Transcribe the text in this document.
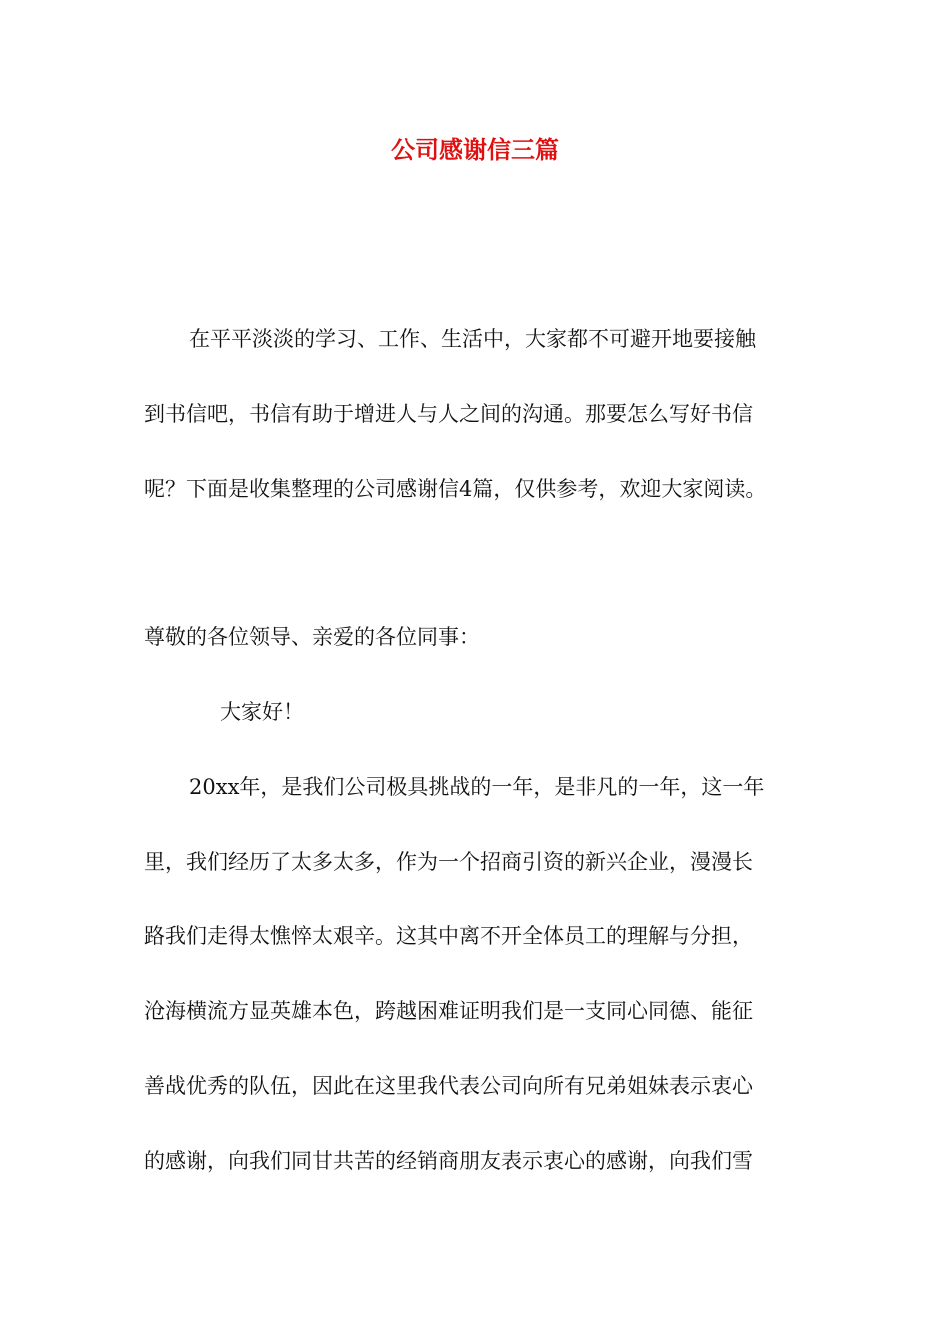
公司感谢信三篇

在平平淡淡的学习、工作、生活中，大家都不可避开地要接触

到书信吧，书信有助于增进人与人之间的沟通。那要怎么写好书信

呢？下面是收集整理的公司感谢信4篇，仅供参考，欢迎大家阅读。

尊敬的各位领导、亲爱的各位同事：

大家好！

20xx年，是我们公司极具挑战的一年，是非凡的一年，这一年

里，我们经历了太多太多，作为一个招商引资的新兴企业，漫漫长

路我们走得太憔悴太艰辛。这其中离不开全体员工的理解与分担，

沧海横流方显英雄本色，跨越困难证明我们是一支同心同德、能征

善战优秀的队伍，因此在这里我代表公司向所有兄弟姐妹表示衷心

的感谢，向我们同甘共苦的经销商朋友表示衷心的感谢，向我们雪
